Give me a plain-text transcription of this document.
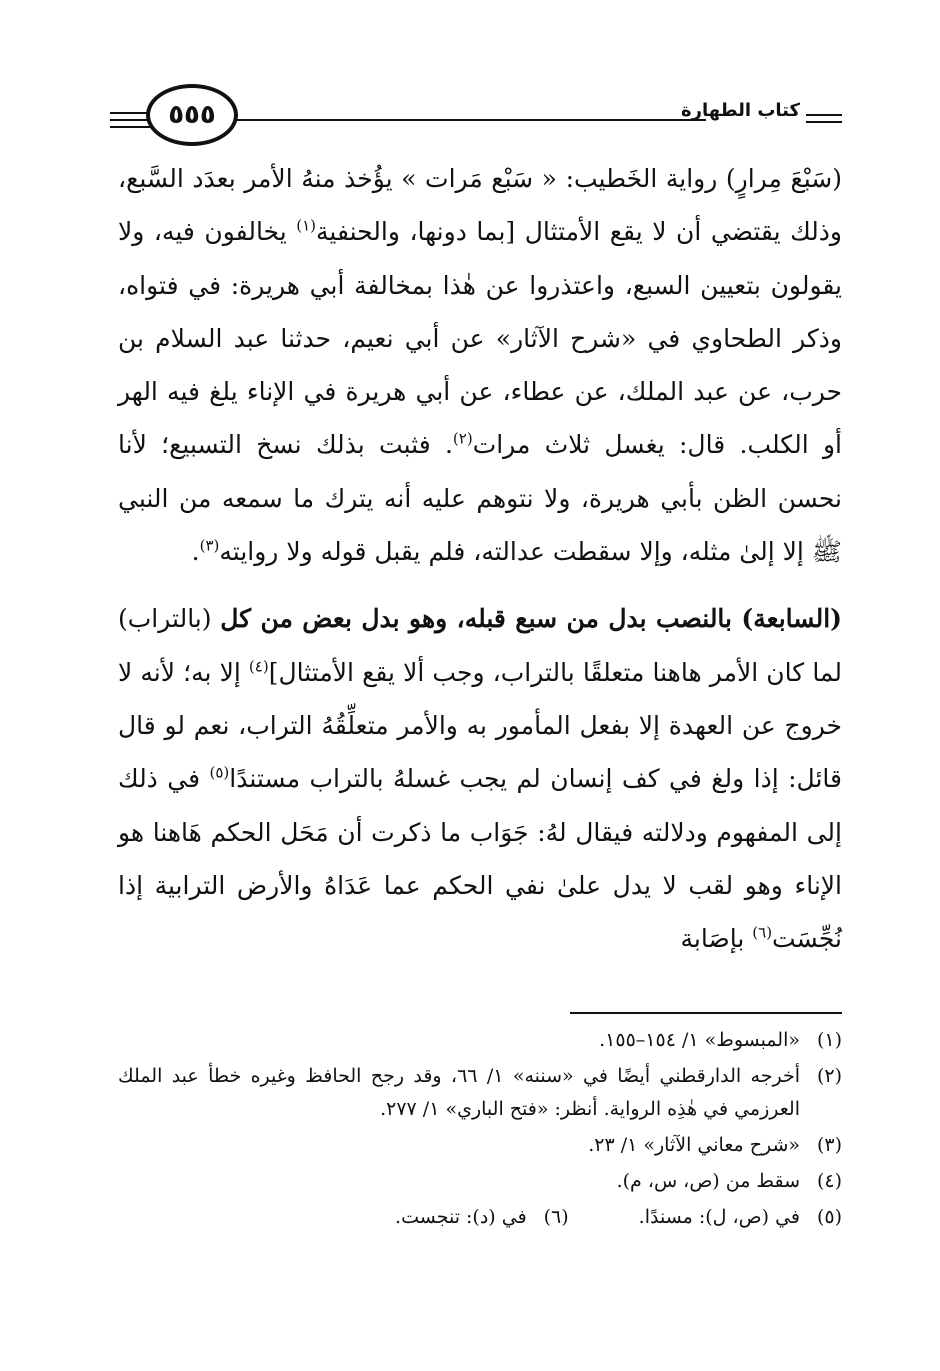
٥٥٥	كتاب الطهارة

(سَبْعَ مِرارٍ) رواية الخَطيب: « سَبْع مَرات » يؤُخذ منهُ الأمر بعدَد السَّبع، وذلك يقتضي أن لا يقع الأمتثال [بما دونها، والحنفية$^{(١)}$ يخالفون فيه، ولا يقولون بتعيين السبع، واعتذروا عن هٰذا بمخالفة أبي هريرة: في فتواه، وذكر الطحاوي في «شرح الآثار» عن أبي نعيم، حدثنا عبد السلام بن حرب، عن عبد الملك، عن عطاء، عن أبي هريرة في الإناء يلغ فيه الهر أو الكلب. قال: يغسل ثلاث مرات$^{(٢)}$. فثبت بذلك نسخ التسبيع؛ لأنا نحسن الظن بأبي هريرة، ولا نتوهم عليه أنه يترك ما سمعه من النبي ﷺ إلا إلىٰ مثله، وإلا سقطت عدالته، فلم يقبل قوله ولا روايته$^{(٣)}$.

(السابعة) بالنصب بدل من سبع قبله، وهو بدل بعض من كل (بالتراب) لما كان الأمر هاهنا متعلقًا بالتراب، وجب ألا يقع الأمتثال]$^{(٤)}$ إلا به؛ لأنه لا خروج عن العهدة إلا بفعل المأمور به والأمر متعلِّقُهُ التراب، نعم لو قال قائل: إذا ولغ في كف إنسان لم يجب غسلهُ بالتراب مستندًا$^{(٥)}$ في ذلك إلى المفهوم ودلالته فيقال لهُ: جَوَاب ما ذكرت أن مَحَل الحكم هَاهنا هو الإناء وهو لقب لا يدل علىٰ نفي الحكم عما عَدَاهُ والأرض الترابية إذا نُجِّسَت$^{(٦)}$ بإصَابة

(١)
«المبسوط» ١/ ١٥٤–١٥٥.
(٢)
أخرجه الدارقطني أيضًا في «سننه» ١/ ٦٦، وقد رجح الحافظ وغيره خطأ عبد الملك العرزمي في هٰذِه الرواية. أنظر: «فتح الباري» ١/ ٢٧٧.
(٣)
«شرح معاني الآثار» ١/ ٢٣.
(٤)
سقط من (ص، س، م).
(٥)
في (ص، ل): مسندًا.
(٦)
في (د): تنجست.
